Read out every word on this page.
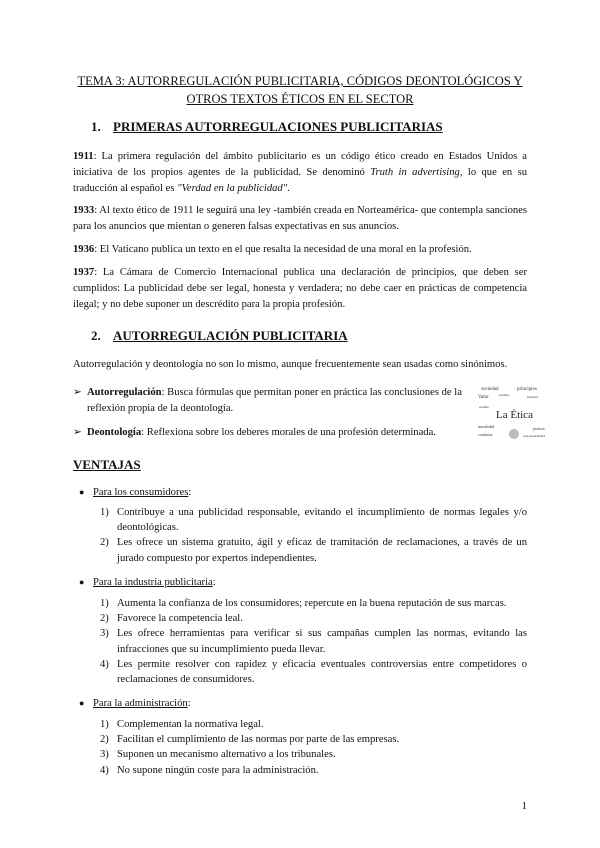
TEMA 3: AUTORREGULACIÓN PUBLICITARIA, CÓDIGOS DEONTOLÓGICOS Y
OTROS TEXTOS ÉTICOS EN EL SECTOR
1. PRIMERAS AUTORREGULACIONES PUBLICITARIAS
1911: La primera regulación del ámbito publicitario es un código ético creado en Estados Unidos a iniciativa de los propios agentes de la publicidad. Se denominó Truth in advertising, lo que en su traducción al español es "Verdad en la publicidad".
1933: Al texto ético de 1911 le seguirá una ley -también creada en Norteamérica- que contempla sanciones para los anuncios que mientan o generen falsas expectativas en sus anuncios.
1936: El Vaticano publica un texto en el que resalta la necesidad de una moral en la profesión.
1937: La Cámara de Comercio Internacional publica una declaración de principios, que deben ser cumplidos: La publicidad debe ser legal, honesta y verdadera; no debe caer en prácticas de competencia ilegal; y no debe suponer un descrédito para la propia profesión.
2. AUTORREGULACIÓN PUBLICITARIA
Autorregulación y deontología no son lo mismo, aunque frecuentemente sean usadas como sinónimos.
➢ Autorregulación: Busca fórmulas que permitan poner en práctica las conclusiones de la reflexión propia de la deontología.
➢ Deontología: Reflexiona sobre los deberes morales de una profesión determinada.
sociedad	principios
Valor	normas
estudio
morales
moralidad	justicia
conducta	responsabilidad
La Ética
VENTAJAS
● Para los consumidores:
1) Contribuye a una publicidad responsable, evitando el incumplimiento de normas legales y/o deontológicas.
2) Les ofrece un sistema gratuito, ágil y eficaz de tramitación de reclamaciones, a través de un jurado compuesto por expertos independientes.
● Para la industria publicitaria:
1) Aumenta la confianza de los consumidores; repercute en la buena reputación de sus marcas.
2) Favorece la competencia leal.
3) Les ofrece herramientas para verificar si sus campañas cumplen las normas, evitando las infracciones que su incumplimiento pueda llevar.
4) Les permite resolver con rapidez y eficacia eventuales controversias entre competidores o reclamaciones de consumidores.
● Para la administración:
1) Complementan la normativa legal.
2) Facilitan el cumplimiento de las normas por parte de las empresas.
3) Suponen un mecanismo alternativo a los tribunales.
4) No supone ningún coste para la administración.
1
